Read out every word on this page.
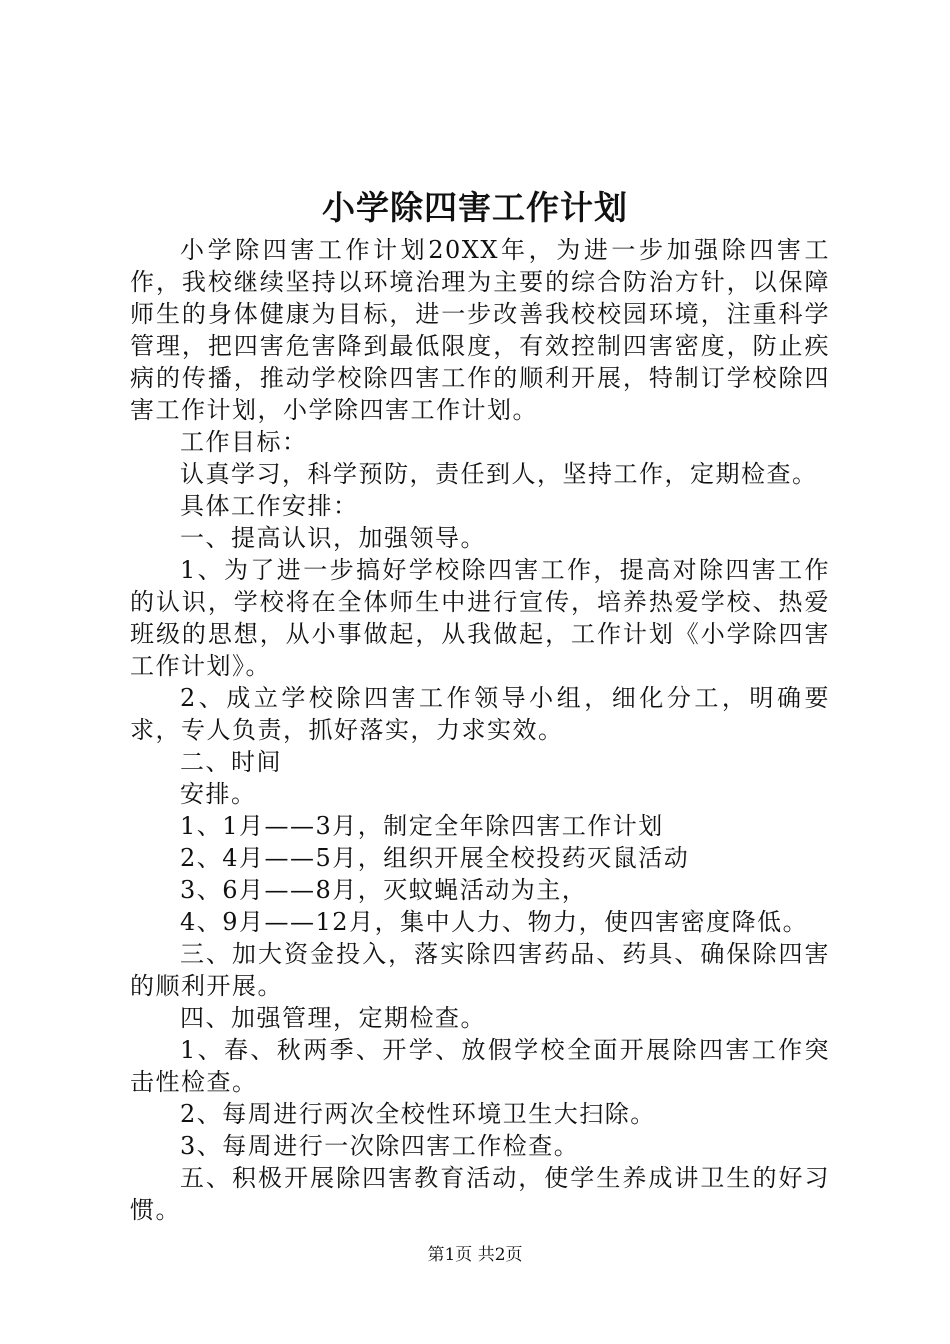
小学除四害工作计划

小学除四害工作计划20XX年，为进一步加强除四害工作，我校继续坚持以环境治理为主要的综合防治方针，以保障师生的身体健康为目标，进一步改善我校校园环境，注重科学管理，把四害危害降到最低限度，有效控制四害密度，防止疾病的传播，推动学校除四害工作的顺利开展，特制订学校除四害工作计划，小学除四害工作计划。

工作目标：

认真学习，科学预防，责任到人，坚持工作，定期检查。

具体工作安排：

一、提高认识，加强领导。

1、为了进一步搞好学校除四害工作，提高对除四害工作的认识，学校将在全体师生中进行宣传，培养热爱学校、热爱班级的思想，从小事做起，从我做起，工作计划《小学除四害工作计划》。

2、成立学校除四害工作领导小组，细化分工，明确要求，专人负责，抓好落实，力求实效。

二、时间

安排。

1、1月——3月，制定全年除四害工作计划

2、4月——5月，组织开展全校投药灭鼠活动

3、6月——8月，灭蚊蝇活动为主，

4、9月——12月，集中人力、物力，使四害密度降低。

三、加大资金投入，落实除四害药品、药具、确保除四害的顺利开展。

四、加强管理，定期检查。

1、春、秋两季、开学、放假学校全面开展除四害工作突击性检查。

2、每周进行两次全校性环境卫生大扫除。

3、每周进行一次除四害工作检查。

五、积极开展除四害教育活动，使学生养成讲卫生的好习惯。

第1页 共2页
